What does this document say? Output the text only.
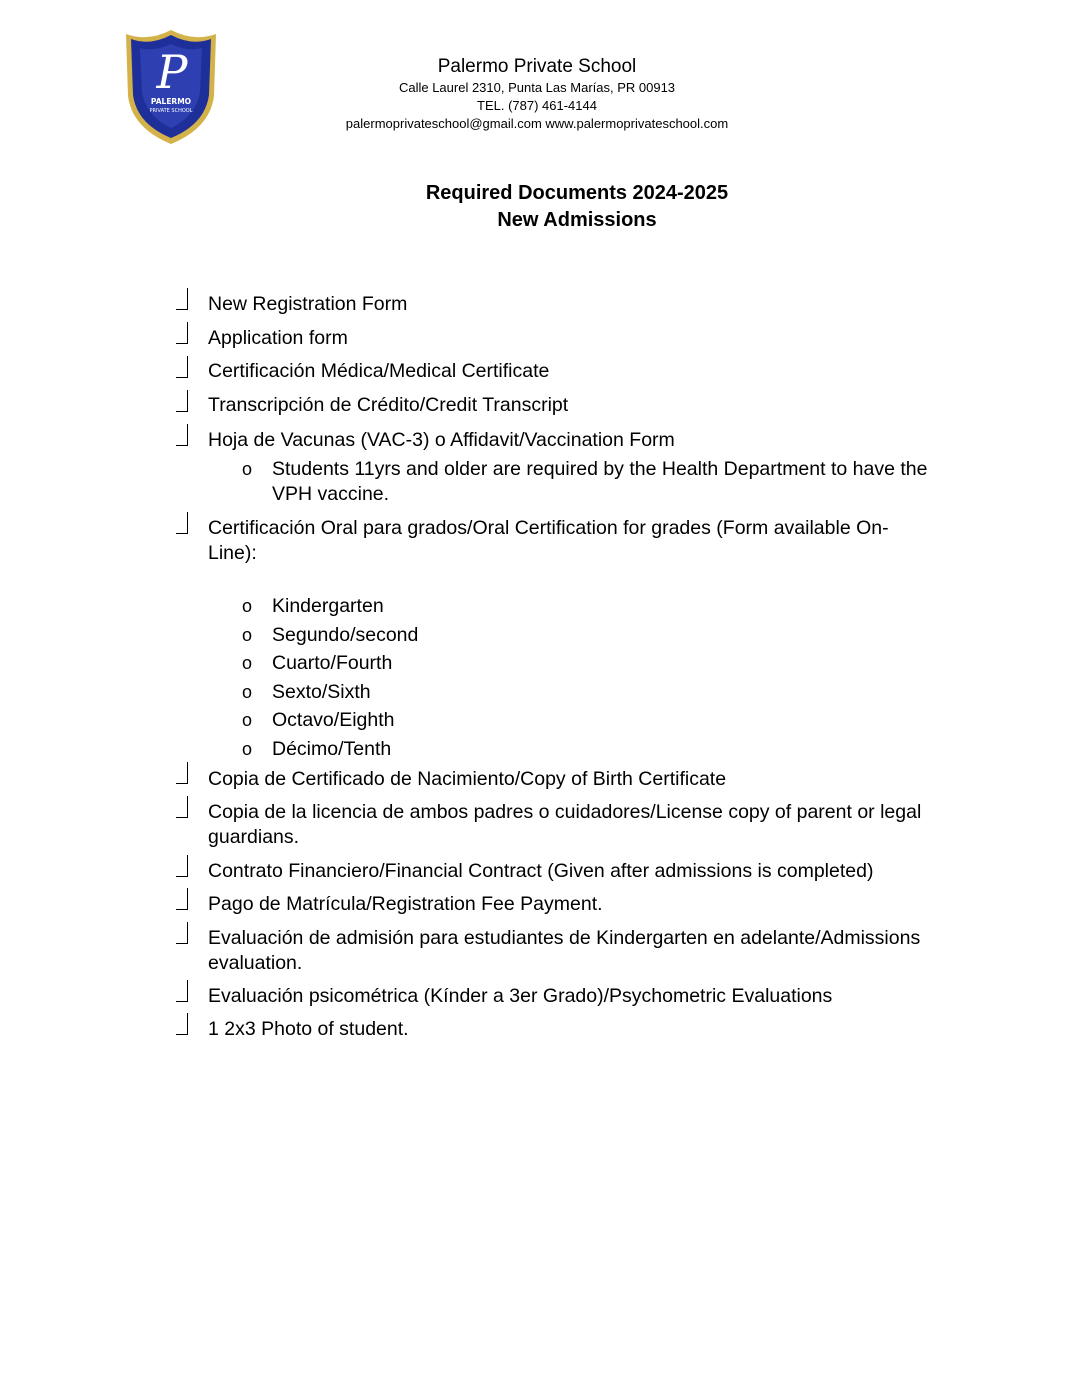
P
PALERMO
PRIVATE SCHOOL
Palermo Private School
Calle Laurel 2310, Punta Las Marías, PR 00913
TEL. (787) 461-4144
palermoprivateschool@gmail.com www.palermoprivateschool.com
Required Documents 2024-2025
New Admissions
New Registration Form
Application form
Certificación Médica/Medical Certificate
Transcripción de Crédito/Credit Transcript
Hoja de Vacunas (VAC-3) o Affidavit/Vaccination Form
o Students 11yrs and older are required by the Health Department to have the VPH vaccine.
Certificación Oral para grados/Oral Certification for grades (Form available On-Line):
o Kindergarten
o Segundo/second
o Cuarto/Fourth
o Sexto/Sixth
o Octavo/Eighth
o Décimo/Tenth
Copia de Certificado de Nacimiento/Copy of Birth Certificate
Copia de la licencia de ambos padres o cuidadores/License copy of parent or legal guardians.
Contrato Financiero/Financial Contract (Given after admissions is completed)
Pago de Matrícula/Registration Fee Payment.
Evaluación de admisión para estudiantes de Kindergarten en adelante/Admissions evaluation.
Evaluación psicométrica (Kínder a 3er Grado)/Psychometric Evaluations
1 2x3 Photo of student.
